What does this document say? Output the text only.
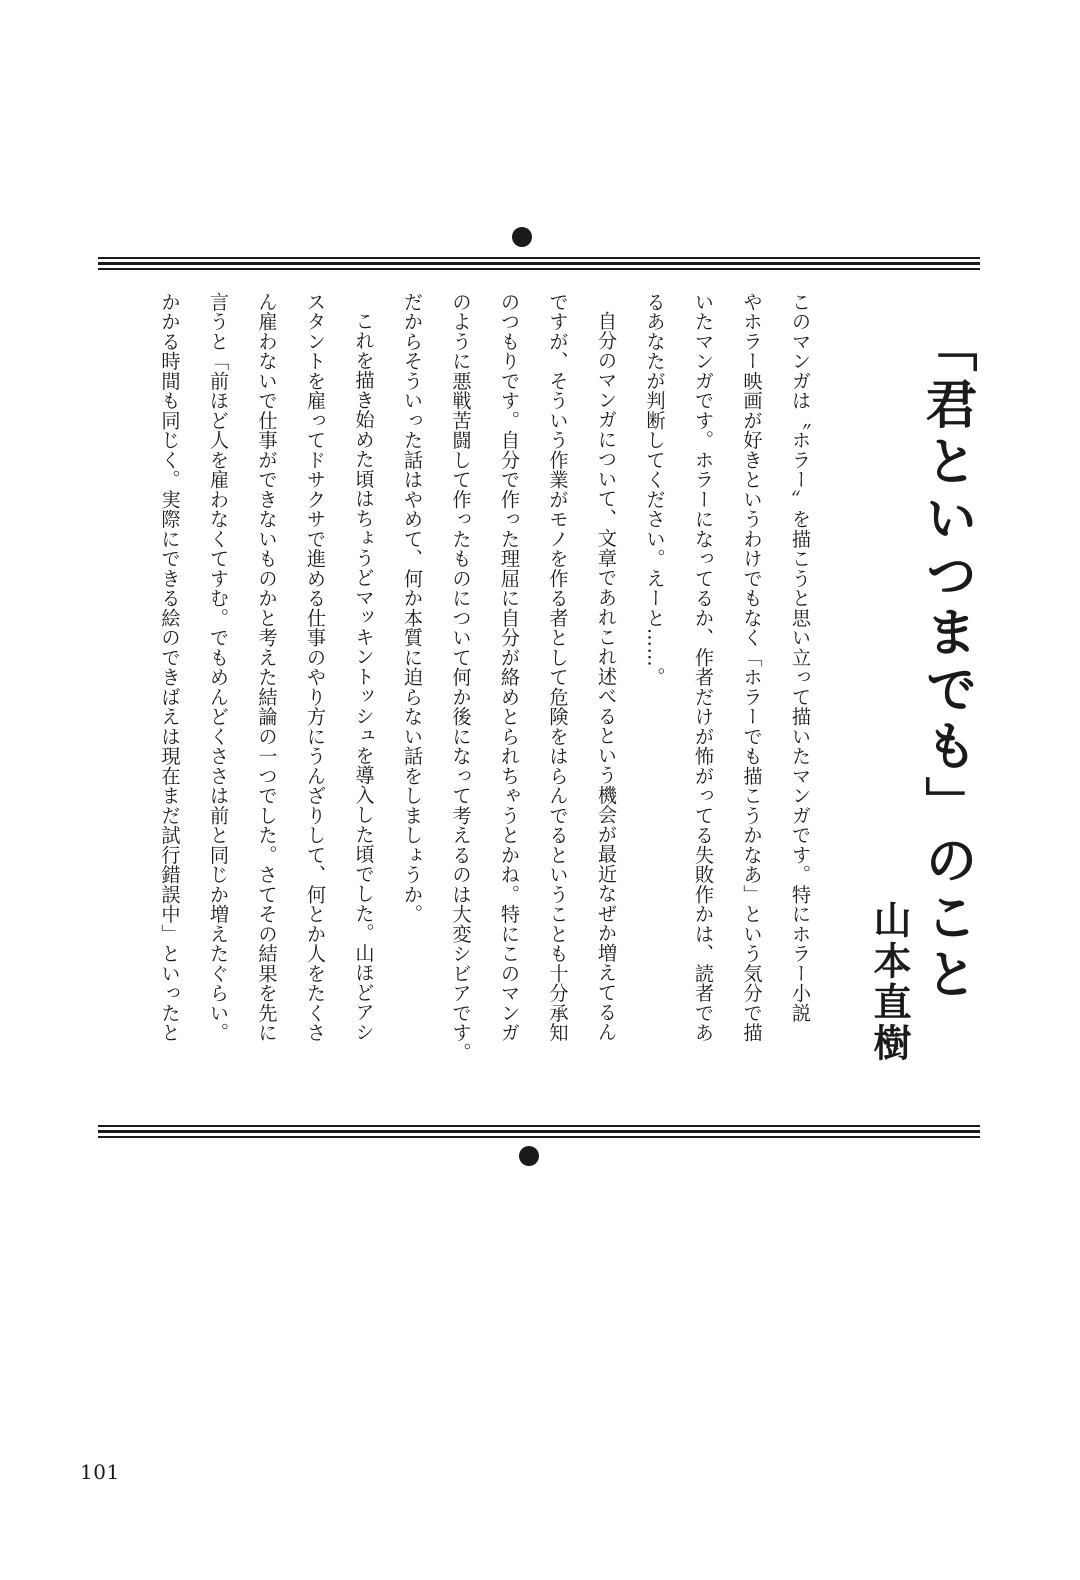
「君といつまでも」のこと
山本直樹

このマンガは〝ホラー〟を描こうと思い立って描いたマンガです。特にホラー小説
やホラー映画が好きというわけでもなく「ホラーでも描こうかなあ」という気分で描
いたマンガです。ホラーになってるか、作者だけが怖がってる失敗作かは、読者であ
るあなたが判断してください。えーと……。

自分のマンガについて、文章であれこれ述べるという機会が最近なぜか増えてるん
ですが、そういう作業がモノを作る者として危険をはらんでるということも十分承知
のつもりです。自分で作った理屈に自分が絡めとられちゃうとかね。特にこのマンガ
のように悪戦苦闘して作ったものについて何か後になって考えるのは大変シビアです。
だからそういった話はやめて、何か本質に迫らない話をしましょうか。

これを描き始めた頃はちょうどマッキントッシュを導入した頃でした。山ほどアシ
スタントを雇ってドサクサで進める仕事のやり方にうんざりして、何とか人をたくさ
ん雇わないで仕事ができないものかと考えた結論の一つでした。さてその結果を先に
言うと「前ほど人を雇わなくてすむ。でもめんどくささは前と同じか増えたぐらい。
かかる時間も同じく。実際にできる絵のできばえは現在まだ試行錯誤中」といったと

101
